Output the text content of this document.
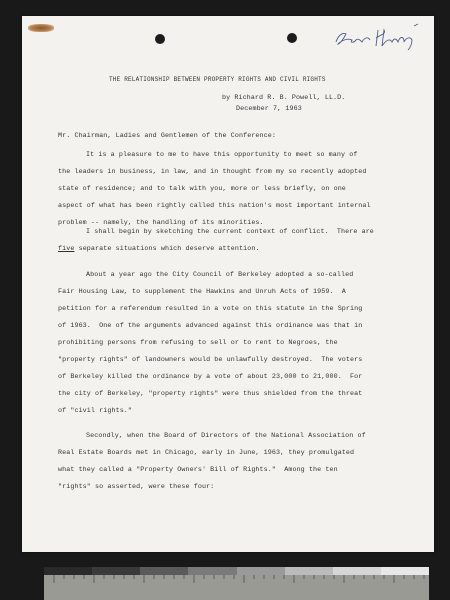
THE RELATIONSHIP BETWEEN PROPERTY RIGHTS AND CIVIL RIGHTS
by Richard R. B. Powell, LL.D.
December 7, 1963
Mr. Chairman, Ladies and Gentlemen of the Conference:
It is a pleasure to me to have this opportunity to meet so many of
the leaders in business, in law, and in thought from my so recently adopted
state of residence; and to talk with you, more or less briefly, on one
aspect of what has been rightly called this nation's most important internal
problem -- namely, the handling of its minorities.
I shall begin by sketching the current context of conflict.  There are
five separate situations which deserve attention.
About a year ago the City Council of Berkeley adopted a so-called
Fair Housing Law, to supplement the Hawkins and Unruh Acts of 1959.  A
petition for a referendum resulted in a vote on this statute in the Spring
of 1963.  One of the arguments advanced against this ordinance was that in
prohibiting persons from refusing to sell or to rent to Negroes, the
"property rights" of landowners would be unlawfully destroyed.  The voters
of Berkeley killed the ordinance by a vote of about 23,000 to 21,000.  For
the city of Berkeley, "property rights" were thus shielded from the threat
of "civil rights."
Secondly, when the Board of Directors of the National Association of
Real Estate Boards met in Chicago, early in June, 1963, they promulgated
what they called a "Property Owners' Bill of Rights."  Among the ten
"rights" so asserted, were these four:
